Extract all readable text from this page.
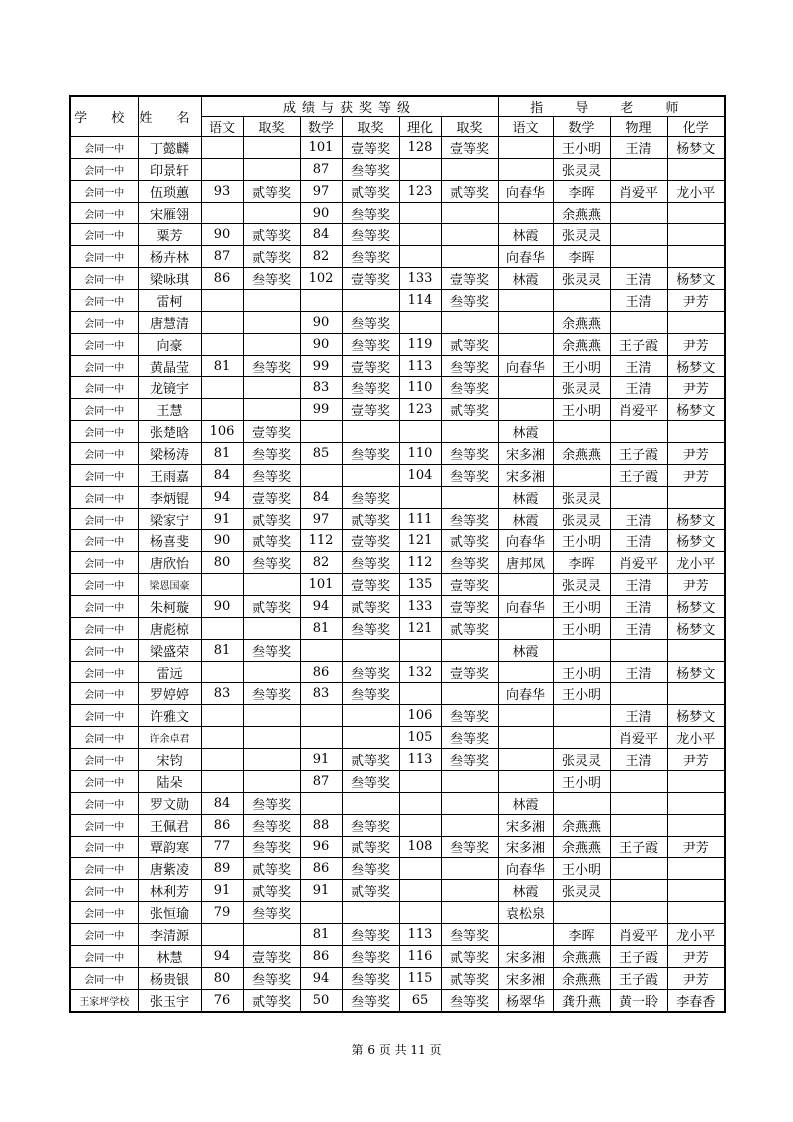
学 校	姓 名	成绩与获奖等级						指 导 老 师			
		语文	取奖	数学	取奖	理化	取奖	语文	数学	物理	化学
会同一中	丁懿麟			101	壹等奖	128	壹等奖		王小明	王清	杨梦文
会同一中	印景轩			87	叁等奖				张灵灵		
会同一中	伍琐蕙	93	贰等奖	97	贰等奖	123	贰等奖	向春华	李晖	肖爱平	龙小平
会同一中	宋雁翎			90	叁等奖				余燕燕		
会同一中	粟芳	90	贰等奖	84	叁等奖			林霞	张灵灵		
会同一中	杨卉林	87	贰等奖	82	叁等奖			向春华	李晖		
会同一中	梁咏琪	86	叁等奖	102	壹等奖	133	壹等奖	林霞	张灵灵	王清	杨梦文
会同一中	雷柯					114	叁等奖			王清	尹芳
会同一中	唐慧清			90	叁等奖				余燕燕		
会同一中	向豪			90	叁等奖	119	贰等奖		余燕燕	王子霞	尹芳
会同一中	黄晶莹	81	叁等奖	99	壹等奖	113	叁等奖	向春华	王小明	王清	杨梦文
会同一中	龙镜宇			83	叁等奖	110	叁等奖		张灵灵	王清	尹芳
会同一中	王慧			99	壹等奖	123	贰等奖		王小明	肖爱平	杨梦文
会同一中	张楚晗	106	壹等奖					林霞			
会同一中	梁杨涛	81	叁等奖	85	叁等奖	110	叁等奖	宋多湘	余燕燕	王子霞	尹芳
会同一中	王雨嘉	84	叁等奖			104	叁等奖	宋多湘		王子霞	尹芳
会同一中	李炳锟	94	壹等奖	84	叁等奖			林霞	张灵灵		
会同一中	梁家宁	91	贰等奖	97	贰等奖	111	叁等奖	林霞	张灵灵	王清	杨梦文
会同一中	杨喜斐	90	贰等奖	112	壹等奖	121	贰等奖	向春华	王小明	王清	杨梦文
会同一中	唐欣怡	80	叁等奖	82	叁等奖	112	叁等奖	唐邦凤	李晖	肖爱平	龙小平
会同一中	梁恩国豪			101	壹等奖	135	壹等奖		张灵灵	王清	尹芳
会同一中	朱柯璇	90	贰等奖	94	贰等奖	133	壹等奖	向春华	王小明	王清	杨梦文
会同一中	唐彪椋			81	叁等奖	121	贰等奖		王小明	王清	杨梦文
会同一中	梁盛荣	81	叁等奖					林霞			
会同一中	雷远			86	叁等奖	132	壹等奖		王小明	王清	杨梦文
会同一中	罗婷婷	83	叁等奖	83	叁等奖			向春华	王小明		
会同一中	许雅文					106	叁等奖			王清	杨梦文
会同一中	许余卓君					105	叁等奖			肖爱平	龙小平
会同一中	宋钧			91	贰等奖	113	叁等奖		张灵灵	王清	尹芳
会同一中	陆朵			87	叁等奖				王小明		
会同一中	罗文勋	84	叁等奖					林霞			
会同一中	王佩君	86	叁等奖	88	叁等奖			宋多湘	余燕燕		
会同一中	覃韵寒	77	叁等奖	96	贰等奖	108	叁等奖	宋多湘	余燕燕	王子霞	尹芳
会同一中	唐紫凌	89	贰等奖	86	叁等奖			向春华	王小明		
会同一中	林利芳	91	贰等奖	91	贰等奖			林霞	张灵灵		
会同一中	张恒瑜	79	叁等奖					袁松泉			
会同一中	李清源			81	叁等奖	113	叁等奖		李晖	肖爱平	龙小平
会同一中	林慧	94	壹等奖	86	叁等奖	116	贰等奖	宋多湘	余燕燕	王子霞	尹芳
会同一中	杨贵银	80	叁等奖	94	叁等奖	115	贰等奖	宋多湘	余燕燕	王子霞	尹芳
王家坪学校	张玉宇	76	贰等奖	50	叁等奖	65	叁等奖	杨翠华	龚升燕	黄一聆	李春香
第 6 页 共 11 页
